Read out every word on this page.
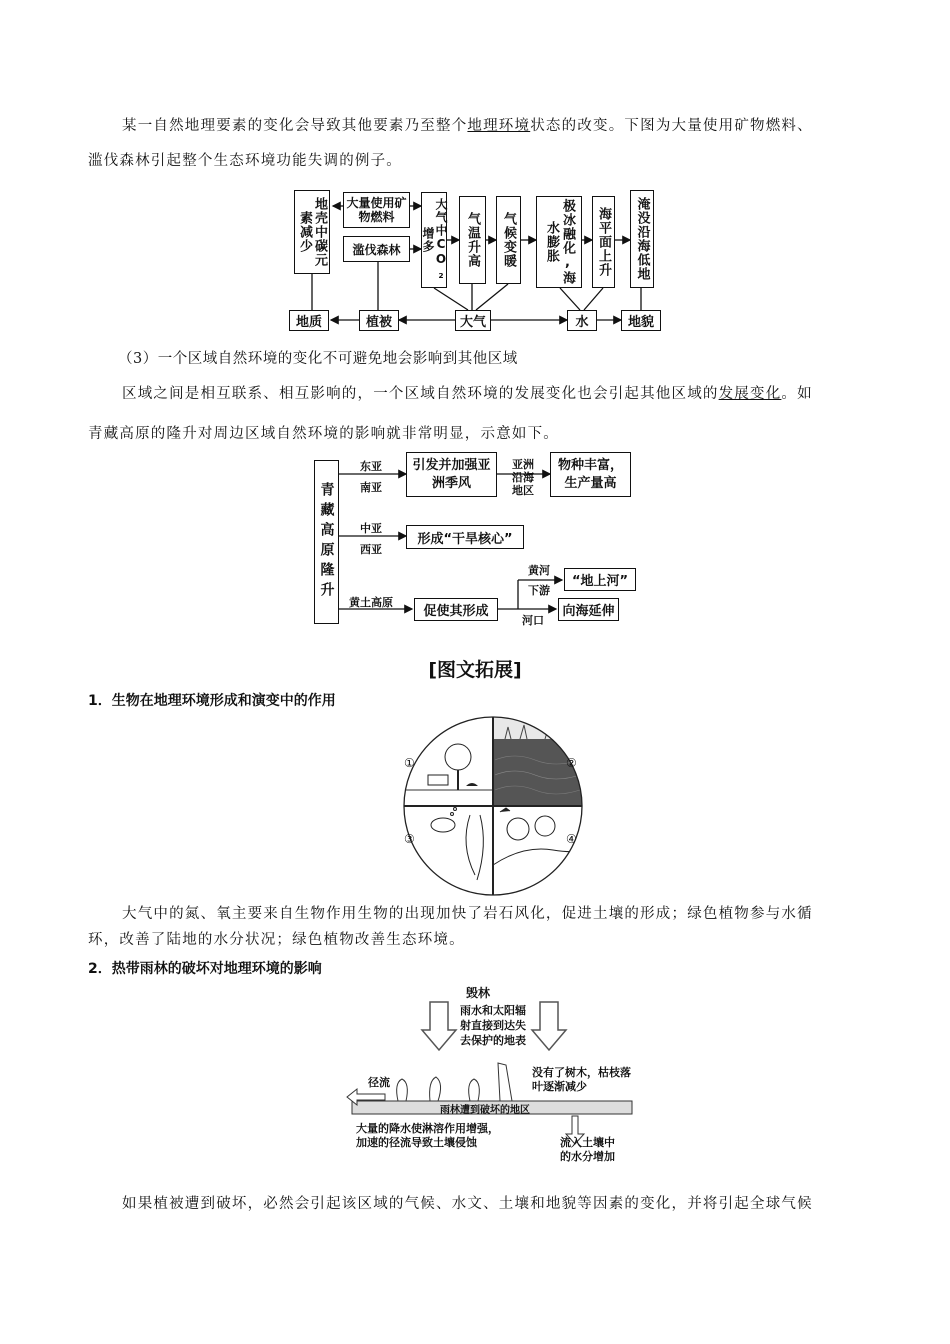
某一自然地理要素的变化会导致其他要素乃至整个地理环境状态的改变。下图为大量使用矿物燃料、
滥伐森林引起整个生态环境功能失调的例子。
地壳中碳元素减少
大量使用矿物燃料
滥伐森林	大气中CO₂增多	气温升高 气候变暖	极冰融化,海水膨胀	海平面上升 淹没沿海低地
地质	植被	大气	水	地貌
（3）一个区域自然环境的变化不可避免地会影响到其他区域
区域之间是相互联系、相互影响的，一个区域自然环境的发展变化也会引起其他区域的发展变化。如
青藏高原的隆升对周边区域自然环境的影响就非常明显，示意如下。
青藏高原隆升
东亚
南亚
引发并加强亚洲季风
亚洲沿海地区
物种丰富，生产量高
中亚
西亚
形成“干旱核心”
黄土高原
促使其形成
黄河
下游
“地上河”
河口
向海延伸
[图文拓展]
1．生物在地理环境形成和演变中的作用
①	②
③	④
大气中的氮、氧主要来自生物作用生物的出现加快了岩石风化，促进土壤的形成；绿色植物参与水循
环，改善了陆地的水分状况；绿色植物改善生态环境。
2．热带雨林的破坏对地理环境的影响
毁林
雨水和太阳辐射直接到达失去保护的地表
径流
没有了树木，枯枝落叶逐渐减少
雨林遭到破坏的地区
大量的降水使淋溶作用增强，加速的径流导致土壤侵蚀	流入土壤中的水分增加
如果植被遭到破坏，必然会引起该区域的气候、水文、土壤和地貌等因素的变化，并将引起全球气候
